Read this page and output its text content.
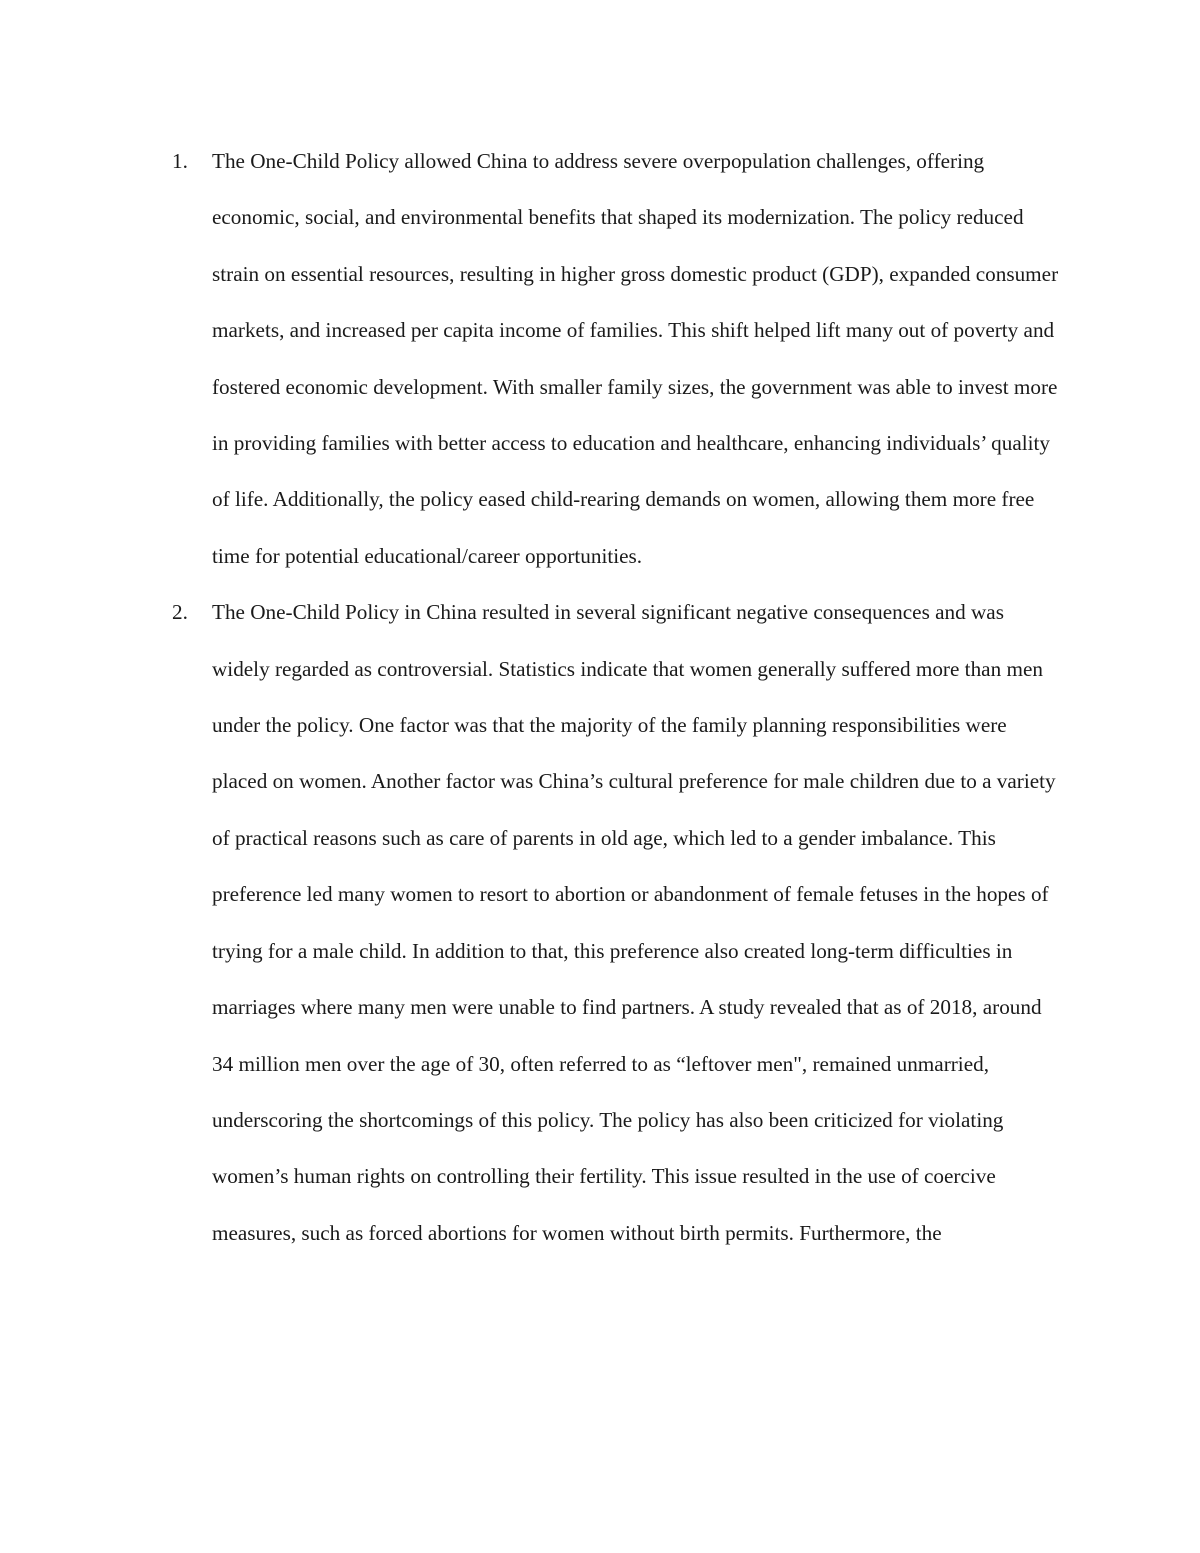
1.	The One-Child Policy allowed China to address severe overpopulation challenges, offering economic, social, and environmental benefits that shaped its modernization. The policy reduced strain on essential resources, resulting in higher gross domestic product (GDP), expanded consumer markets, and increased per capita income of families. This shift helped lift many out of poverty and fostered economic development. With smaller family sizes, the government was able to invest more in providing families with better access to education and healthcare, enhancing individuals’ quality of life. Additionally, the policy eased child-rearing demands on women, allowing them more free time for potential educational/career opportunities.
2.	The One-Child Policy in China resulted in several significant negative consequences and was widely regarded as controversial. Statistics indicate that women generally suffered more than men under the policy. One factor was that the majority of the family planning responsibilities were placed on women. Another factor was China’s cultural preference for male children due to a variety of practical reasons such as care of parents in old age, which led to a gender imbalance. This preference led many women to resort to abortion or abandonment of female fetuses in the hopes of trying for a male child. In addition to that, this preference also created long-term difficulties in marriages where many men were unable to find partners. A study revealed that as of 2018, around 34 million men over the age of 30, often referred to as “leftover men", remained unmarried, underscoring the shortcomings of this policy. The policy has also been criticized for violating women’s human rights on controlling their fertility. This issue resulted in the use of coercive measures, such as forced abortions for women without birth permits. Furthermore, the
